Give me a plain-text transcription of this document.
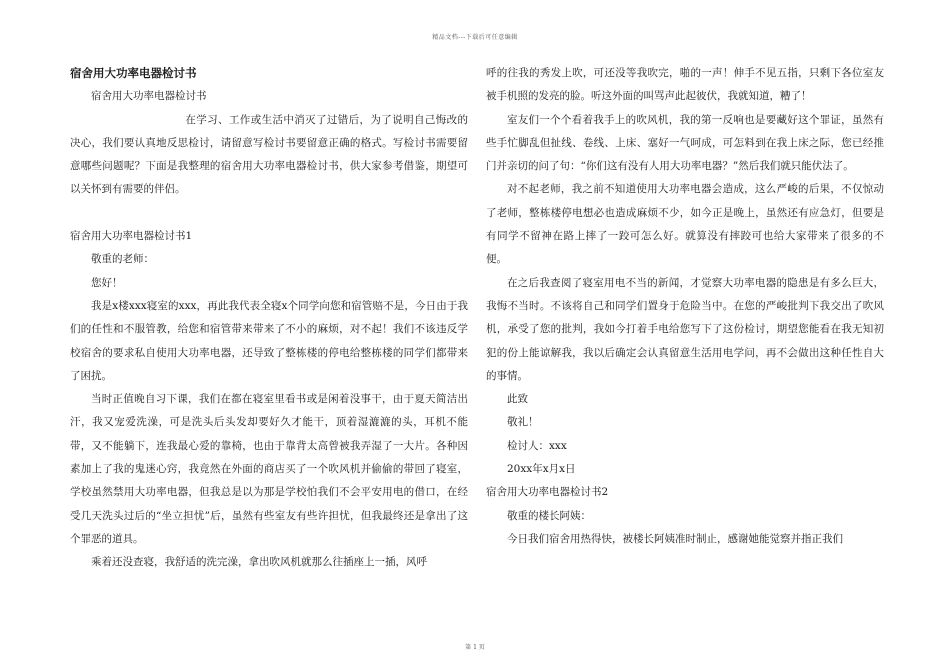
精品文档---下载后可任意编辑

宿舍用大功率电器检讨书

宿舍用大功率电器检讨书

在学习、工作或生活中消灭了过错后，为了说明自己悔改的决心，我们要认真地反思检讨，请留意写检讨书要留意正确的格式。写检讨书需要留意哪些问题呢？下面是我整理的宿舍用大功率电器检讨书，供大家参考借鉴，期望可以关怀到有需要的伴侣。

宿舍用大功率电器检讨书1

敬重的老师：

您好！

我是x楼xxx寝室的xxx，再此我代表全寝x个同学向您和宿管赔不是，今日由于我们的任性和不服管教，给您和宿管带来带来了不小的麻烦，对不起！我们不该违反学校宿舍的要求私自使用大功率电器，还导致了整栋楼的停电给整栋楼的同学们都带来了困扰。

当时正值晚自习下课，我们在都在寝室里看书或是闲着没事干，由于夏天简洁出汗，我又宠爱洗澡，可是洗头后头发却要好久才能干，顶着湿漉漉的头，耳机不能带，又不能躺下，连我最心爱的靠椅，也由于靠背太高曾被我弄湿了一大片。各种因素加上了我的鬼迷心窍，我竟然在外面的商店买了一个吹风机并偷偷的带回了寝室，学校虽然禁用大功率电器，但我总是以为那是学校怕我们不会平安用电的借口，在经受几天洗头过后的“坐立担忧”后，虽然有些室友有些许担忧，但我最终还是拿出了这个罪恶的道具。

乘着还没查寝，我舒适的洗完澡，拿出吹风机就那么往插座上一插，风呼

呼的往我的秀发上吹，可还没等我吹完，啪的一声！伸手不见五指，只剩下各位室友被手机照的发亮的脸。听这外面的叫骂声此起彼伏，我就知道，糟了！

室友们一个个看着我手上的吹风机，我的第一反响也是要藏好这个罪证，虽然有些手忙脚乱但扯线、卷线、上床、塞好一气呵成，可怎料到在我上床之际，您已经推门并亲切的问了句：“你们这有没有人用大功率电器？”然后我们就只能伏法了。

对不起老师，我之前不知道使用大功率电器会造成，这么严峻的后果，不仅惊动了老师，整栋楼停电想必也造成麻烦不少，如今正是晚上，虽然还有应急灯，但要是有同学不留神在路上摔了一跤可怎么好。就算没有摔跤可也给大家带来了很多的不便。

在之后我查阅了寝室用电不当的新闻，才觉察大功率电器的隐患是有多么巨大，我悔不当时。不该将自己和同学们置身于危险当中。在您的严峻批判下我交出了吹风机，承受了您的批判，我如今打着手电给您写下了这份检讨，期望您能看在我无知初犯的份上能谅解我，我以后确定会认真留意生活用电学问，再不会做出这种任性自大的事情。

此致

敬礼！

检讨人：xxx

20xx年x月x日

宿舍用大功率电器检讨书2

敬重的楼长阿姨：

今日我们宿舍用热得快，被楼长阿姨准时制止，感谢她能觉察并指正我们

第 1 页
